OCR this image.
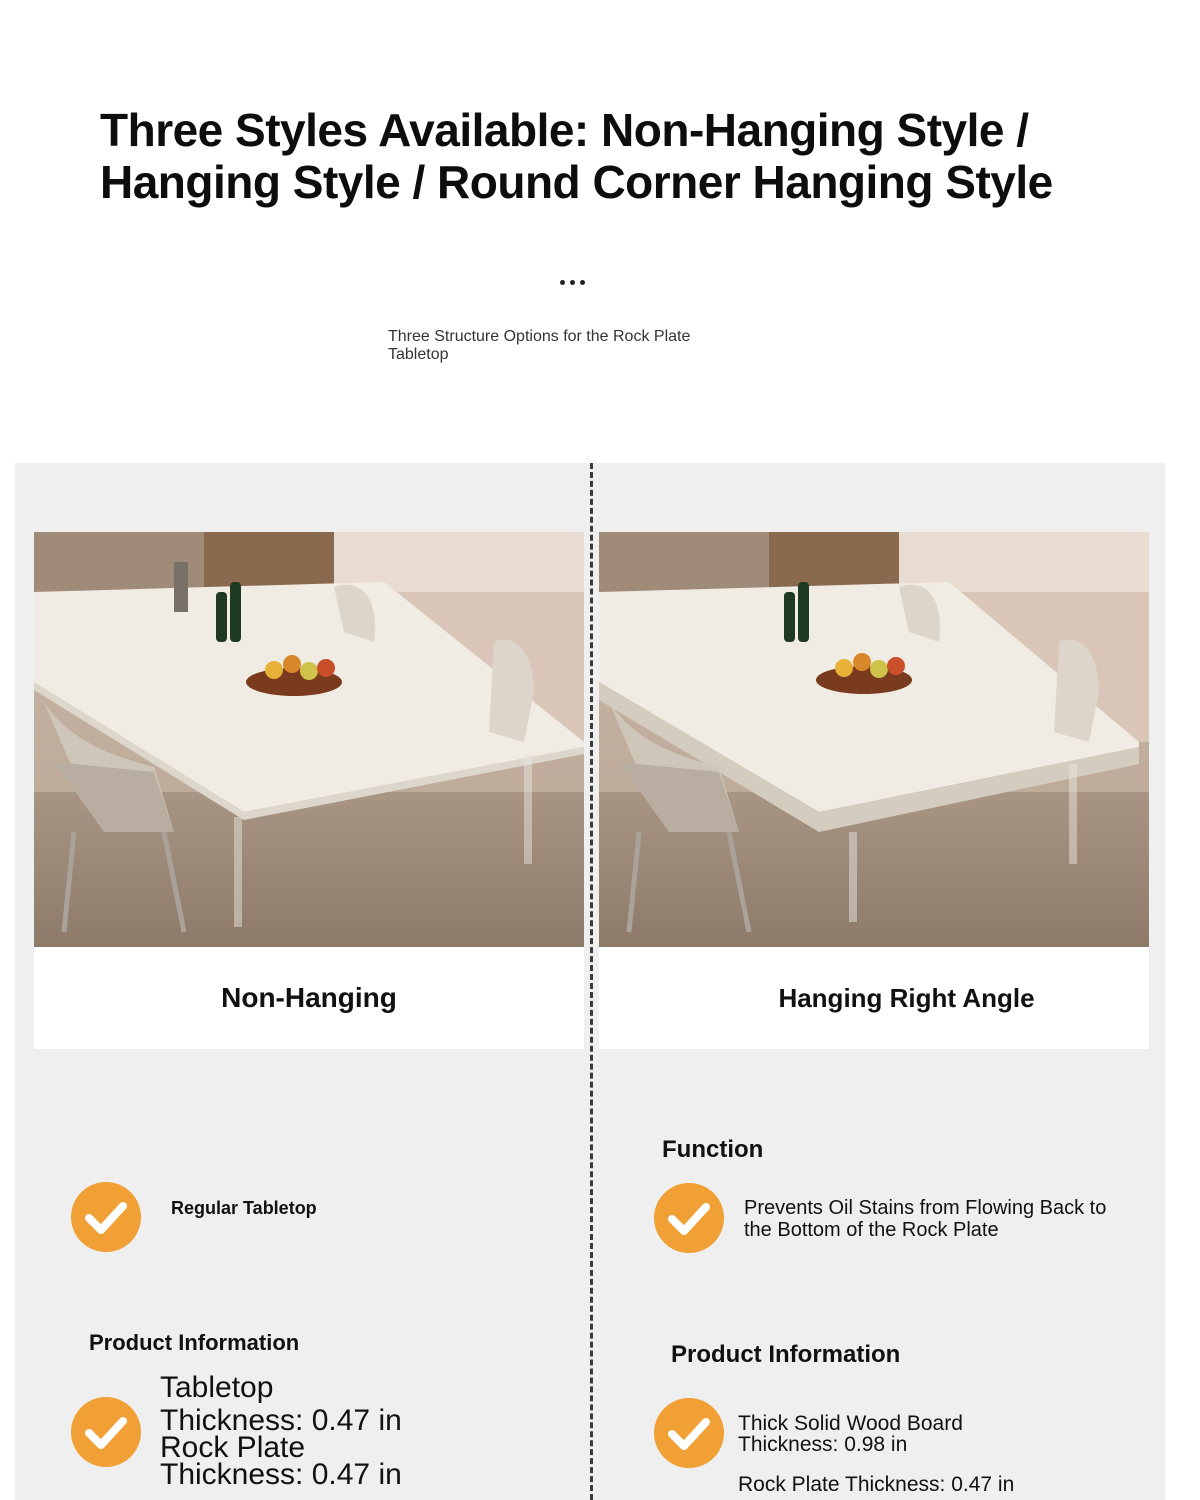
Three Styles Available: Non-Hanging Style /
Hanging Style / Round Corner Hanging Style
Three Structure Options for the Rock Plate Tabletop
Non-Hanging	Hanging Right Angle
Regular Tabletop
Product Information
Tabletop
Thickness: 0.47 in
Rock Plate
Thickness: 0.47 in
Function
Prevents Oil Stains from Flowing Back to
the Bottom of the Rock Plate
Product Information
Thick Solid Wood Board
Thickness: 0.98 in
Rock Plate Thickness: 0.47 in
